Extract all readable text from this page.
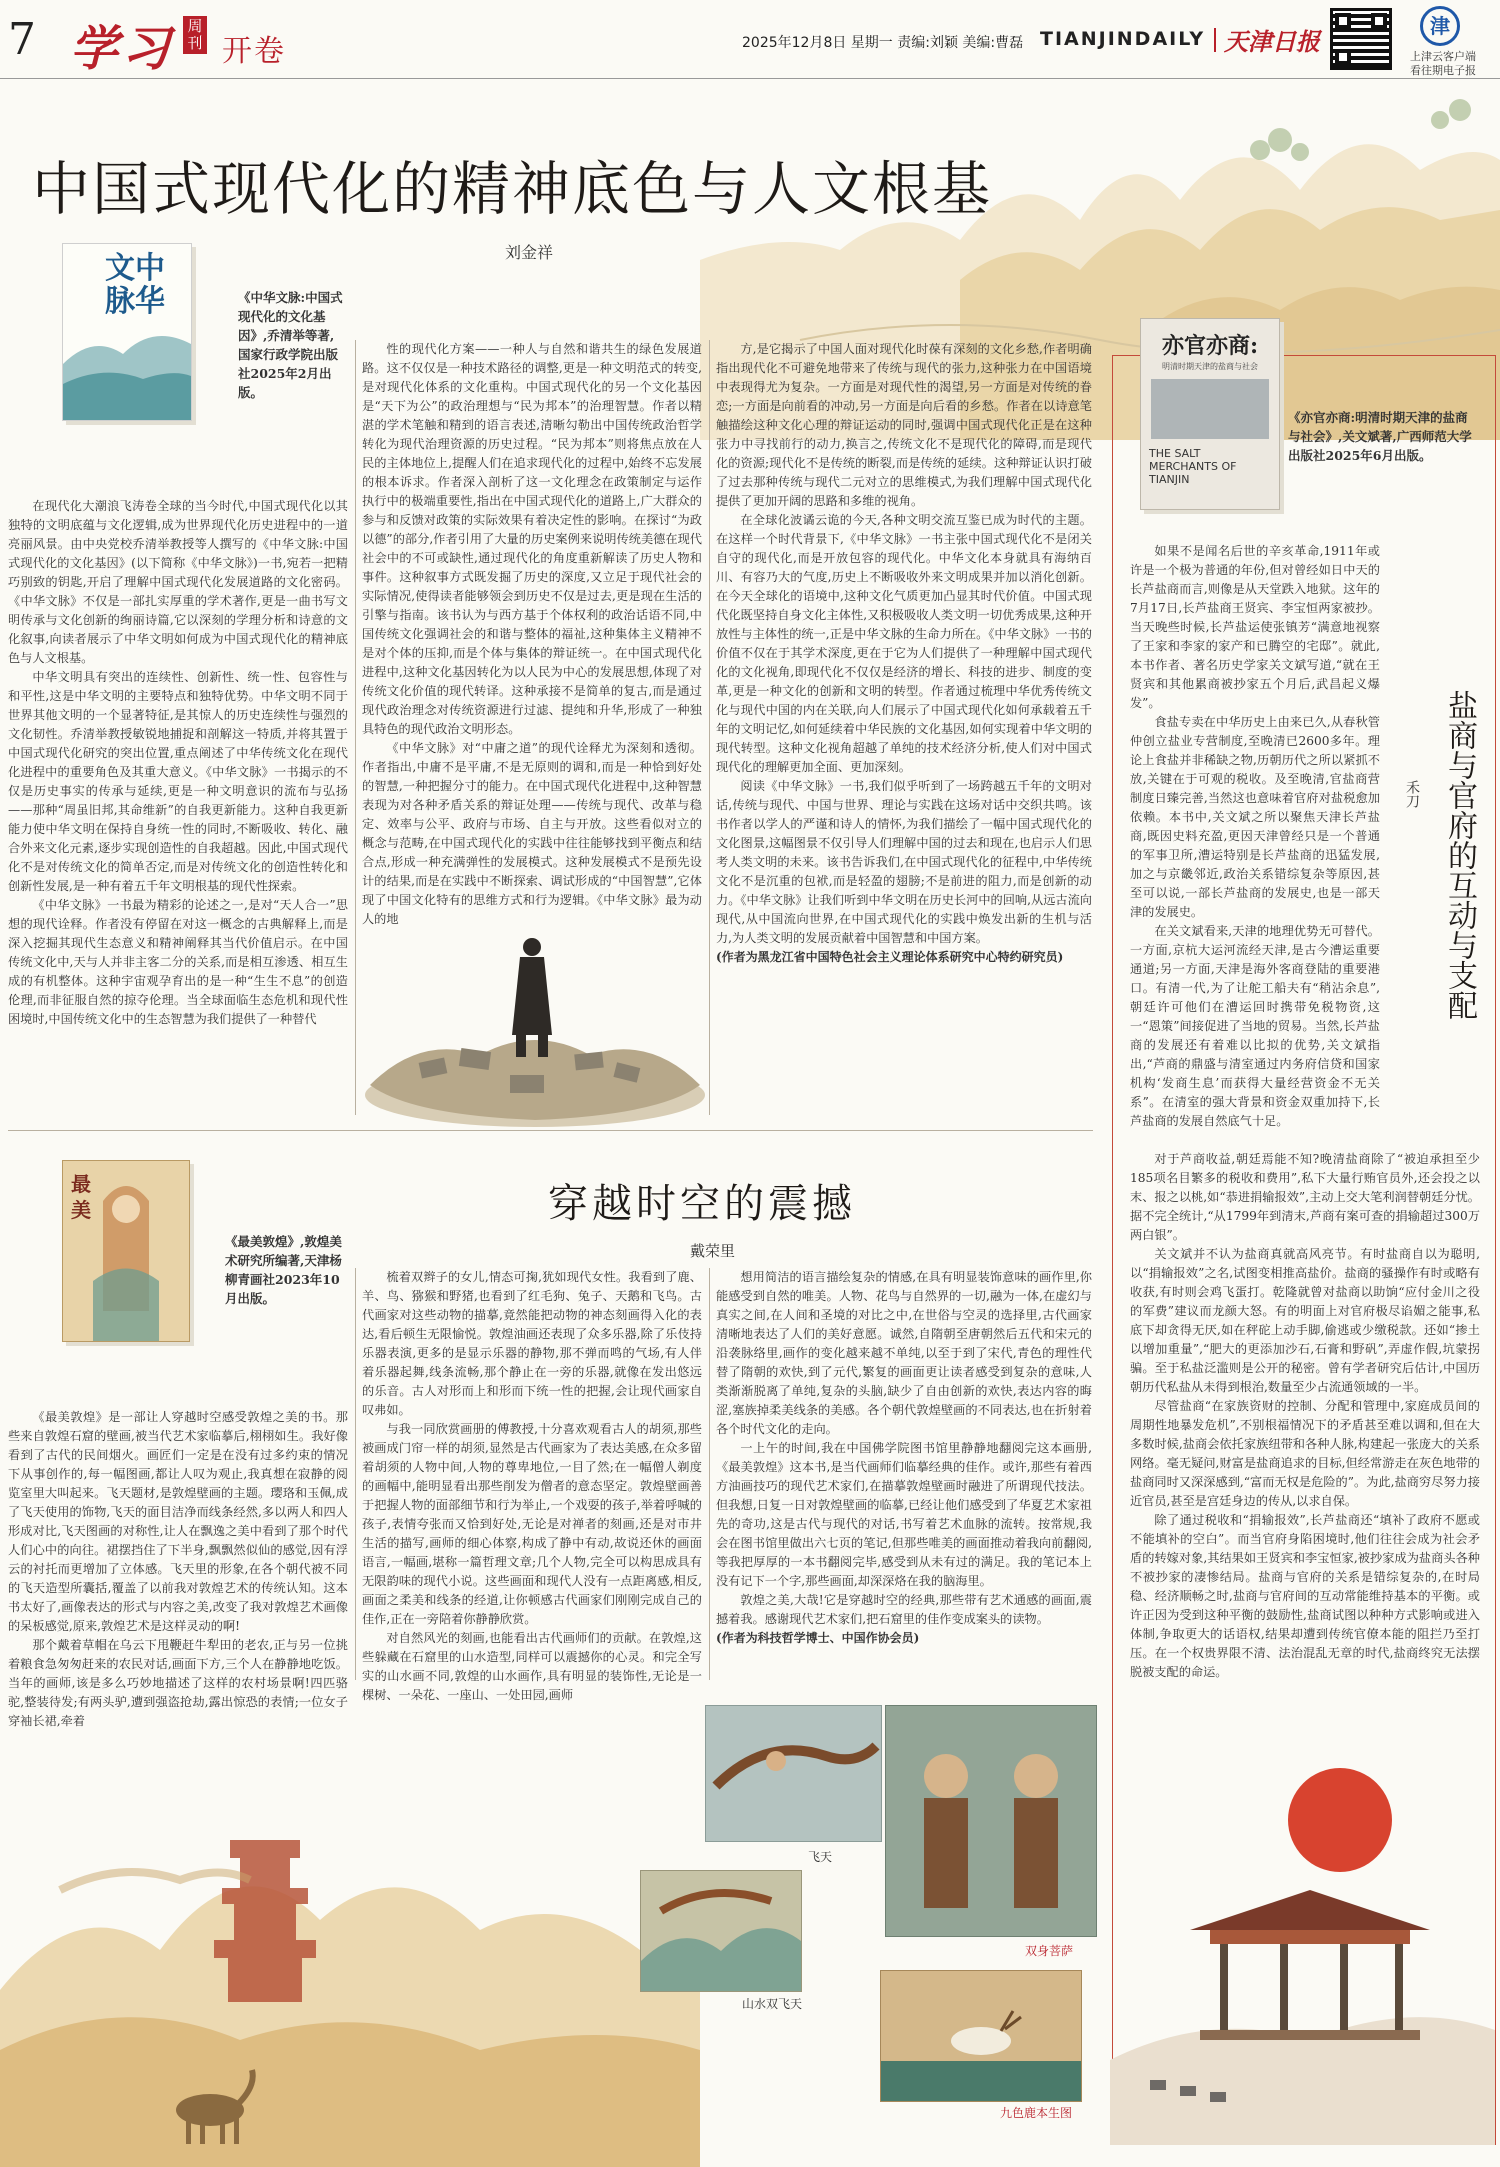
7 学习 周刊 开卷	2025年12月8日 星期一 责编:刘颖 美编:曹磊 TIANJINDAILY 天津日报
津
上津云客户端
看往期电子报
中国式现代化的精神底色与人文根基
刘金祥
文中脉华	《中华文脉:中国式现代化的文化基因》,乔清举等著,国家行政学院出版社2025年2月出版。

在现代化大潮浪飞涛卷全球的当今时代,中国式现代化以其独特的文明底蕴与文化逻辑,成为世界现代化历史进程中的一道亮丽风景。由中央党校乔清举教授等人撰写的《中华文脉:中国式现代化的文化基因》(以下简称《中华文脉》)一书,宛若一把精巧别致的钥匙,开启了理解中国式现代化发展道路的文化密码。《中华文脉》不仅是一部扎实厚重的学术著作,更是一曲书写文明传承与文化创新的绚丽诗篇,它以深刻的学理分析和诗意的文化叙事,向读者展示了中华文明如何成为中国式现代化的精神底色与人文根基。

中华文明具有突出的连续性、创新性、统一性、包容性与和平性,这是中华文明的主要特点和独特优势。中华文明不同于世界其他文明的一个显著特征,是其惊人的历史连续性与强烈的文化韧性。乔清举教授敏锐地捕捉和剖解这一特质,并将其置于中国式现代化研究的突出位置,重点阐述了中华传统文化在现代化进程中的重要角色及其重大意义。《中华文脉》一书揭示的不仅是历史事实的传承与延续,更是一种文明意识的流布与弘扬——那种“周虽旧邦,其命维新”的自我更新能力。这种自我更新能力使中华文明在保持自身统一性的同时,不断吸收、转化、融合外来文化元素,逐步实现创造性的自我超越。因此,中国式现代化不是对传统文化的简单否定,而是对传统文化的创造性转化和创新性发展,是一种有着五千年文明根基的现代性探索。

《中华文脉》一书最为精彩的论述之一,是对“天人合一”思想的现代诠释。作者没有停留在对这一概念的古典解释上,而是深入挖掘其现代生态意义和精神阐释其当代价值启示。在中国传统文化中,天与人并非主客二分的关系,而是相互渗透、相互生成的有机整体。这种宇宙观孕育出的是一种“生生不息”的创造伦理,而非征服自然的掠夺伦理。当全球面临生态危机和现代性困境时,中国传统文化中的生态智慧为我们提供了一种替代

性的现代化方案——一种人与自然和谐共生的绿色发展道路。这不仅仅是一种技术路径的调整,更是一种文明范式的转变,是对现代化体系的文化重构。中国式现代化的另一个文化基因是“天下为公”的政治理想与“民为邦本”的治理智慧。作者以精湛的学术笔触和精到的语言表述,清晰勾勒出中国传统政治哲学转化为现代治理资源的历史过程。“民为邦本”则将焦点放在人民的主体地位上,提醒人们在追求现代化的过程中,始终不忘发展的根本诉求。作者深入剖析了这一文化理念在政策制定与运作执行中的极端重要性,指出在中国式现代化的道路上,广大群众的参与和反馈对政策的实际效果有着决定性的影响。在探讨“为政以德”的部分,作者引用了大量的历史案例来说明传统美德在现代社会中的不可或缺性,通过现代化的角度重新解读了历史人物和事件。这种叙事方式既发掘了历史的深度,又立足于现代社会的实际情况,使得读者能够领会到历史不仅是过去,更是现在生活的引擎与指南。该书认为与西方基于个体权利的政治话语不同,中国传统文化强调社会的和谐与整体的福祉,这种集体主义精神不是对个体的压抑,而是个体与集体的辩证统一。在中国式现代化进程中,这种文化基因转化为以人民为中心的发展思想,体现了对传统文化价值的现代转译。这种承接不是简单的复古,而是通过现代政治理念对传统资源进行过滤、提纯和升华,形成了一种独具特色的现代政治文明形态。

《中华文脉》对“中庸之道”的现代诠释尤为深刻和透彻。作者指出,中庸不是平庸,不是无原则的调和,而是一种恰到好处的智慧,一种把握分寸的能力。在中国式现代化进程中,这种智慧表现为对各种矛盾关系的辩证处理——传统与现代、改革与稳定、效率与公平、政府与市场、自主与开放。这些看似对立的概念与范畴,在中国式现代化的实践中往往能够找到平衡点和结合点,形成一种充满弹性的发展模式。这种发展模式不是预先设计的结果,而是在实践中不断探索、调试形成的“中国智慧”,它体现了中国文化特有的思维方式和行为逻辑。《中华文脉》最为动人的地

方,是它揭示了中国人面对现代化时葆有深刻的文化乡愁,作者明确指出现代化不可避免地带来了传统与现代的张力,这种张力在中国语境中表现得尤为复杂。一方面是对现代性的渴望,另一方面是对传统的眷恋;一方面是向前看的冲动,另一方面是向后看的乡愁。作者在以诗意笔触描绘这种文化心理的辩证运动的同时,强调中国式现代化正是在这种张力中寻找前行的动力,换言之,传统文化不是现代化的障碍,而是现代化的资源;现代化不是传统的断裂,而是传统的延续。这种辩证认识打破了过去那种传统与现代二元对立的思维模式,为我们理解中国式现代化提供了更加开阔的思路和多维的视角。

在全球化波谲云诡的今天,各种文明交流互鉴已成为时代的主题。在这样一个时代背景下,《中华文脉》一书主张中国式现代化不是闭关自守的现代化,而是开放包容的现代化。中华文化本身就具有海纳百川、有容乃大的气度,历史上不断吸收外来文明成果并加以消化创新。在今天全球化的语境中,这种文化气质更加凸显其时代价值。中国式现代化既坚持自身文化主体性,又积极吸收人类文明一切优秀成果,这种开放性与主体性的统一,正是中华文脉的生命力所在。《中华文脉》一书的价值不仅在于其学术深度,更在于它为人们提供了一种理解中国式现代化的文化视角,即现代化不仅仅是经济的增长、科技的进步、制度的变革,更是一种文化的创新和文明的转型。作者通过梳理中华优秀传统文化与现代中国的内在关联,向人们展示了中国式现代化如何承载着五千年的文明记忆,如何延续着中华民族的文化基因,如何实现着中华文明的现代转型。这种文化视角超越了单纯的技术经济分析,使人们对中国式现代化的理解更加全面、更加深刻。

阅读《中华文脉》一书,我们似乎听到了一场跨越五千年的文明对话,传统与现代、中国与世界、理论与实践在这场对话中交织共鸣。该书作者以学人的严谨和诗人的情怀,为我们描绘了一幅中国式现代化的文化图景,这幅图景不仅引导人们理解中国的过去和现在,也启示人们思考人类文明的未来。该书告诉我们,在中国式现代化的征程中,中华传统文化不是沉重的包袱,而是轻盈的翅膀;不是前进的阻力,而是创新的动力。《中华文脉》让我们听到中华文明在历史长河中的回响,从远古流向现代,从中国流向世界,在中国式现代化的实践中焕发出新的生机与活力,为人类文明的发展贡献着中国智慧和中国方案。

(作者为黑龙江省中国特色社会主义理论体系研究中心特约研究员)

最
美
《最美敦煌》,敦煌美术研究所编著,天津杨柳青画社2023年10月出版。
穿越时空的震撼
戴荣里

《最美敦煌》是一部让人穿越时空感受敦煌之美的书。那些来自敦煌石窟的壁画,被当代艺术家临摹后,栩栩如生。我好像看到了古代的民间烟火。画匠们一定是在没有过多约束的情况下从事创作的,每一幅图画,都让人叹为观止,我真想在寂静的阅览室里大叫起来。飞天题材,是敦煌壁画的主题。璎珞和玉佩,成了飞天使用的饰物,飞天的面目洁净而线条经然,多以两人和四人形成对比,飞天图画的对称性,让人在飘逸之美中看到了那个时代人们心中的向往。裙摆挡住了下半身,飘飘然似仙的感觉,因有浮云的衬托而更增加了立体感。飞天里的形象,在各个朝代被不同的飞天造型所囊括,覆盖了以前我对敦煌艺术的传统认知。这本书太好了,画像表达的形式与内容之美,改变了我对敦煌艺术画像的呆板感觉,原来,敦煌艺术是这样灵动的啊!

那个戴着草帽在乌云下甩鞭赶牛犁田的老农,正与另一位挑着粮食急匆匆赶来的农民对话,画面下方,三个人在静静地吃饭。当年的画师,该是多么巧妙地描述了这样的农村场景啊!四匹骆驼,整装待发;有两头驴,遭到强盗抢劫,露出惊恐的表情;一位女子穿袖长裙,牵着

梳着双辫子的女儿,情态可掬,犹如现代女性。我看到了鹿、羊、鸟、猕猴和野猪,也看到了红毛狗、兔子、天鹅和飞鸟。古代画家对这些动物的描摹,竟然能把动物的神态刻画得入化的表达,看后顿生无限愉悦。敦煌油画还表现了众多乐器,除了乐伎持乐器表演,更多的是显示乐器的静物,那不弹而鸣的气场,有人伴着乐器起舞,线条流畅,那个静止在一旁的乐器,就像在发出悠远的乐音。古人对形而上和形而下统一性的把握,会让现代画家自叹弗如。

与我一同欣赏画册的傅教授,十分喜欢观看古人的胡须,那些被画成门帘一样的胡须,显然是古代画家为了表达美感,在众多留着胡须的人物中间,人物的尊卑地位,一目了然;在一幅僧人剃度的画幅中,能明显看出那些削发为僧者的意态坚定。敦煌壁画善于把握人物的面部细节和行为举止,一个戏耍的孩子,举着呼喊的孩子,表情夸张而又恰到好处,无论是对禅者的刻画,还是对市井生活的描写,画师的细心体察,构成了静中有动,故说还休的画面语言,一幅画,堪称一篇哲理文章;几个人物,完全可以构思成具有无限韵味的现代小说。这些画面和现代人没有一点距离感,相反,画面之柔美和线条的经道,让你顿感古代画家们刚刚完成自己的佳作,正在一旁陪着你静静欣赏。

对自然风光的刻画,也能看出古代画师们的贡献。在敦煌,这些躲藏在石窟里的山水造型,同样可以震撼你的心灵。和完全写实的山水画不同,敦煌的山水画作,具有明显的装饰性,无论是一棵树、一朵花、一座山、一处田园,画师

想用简洁的语言描绘复杂的情感,在具有明显装饰意味的画作里,你能感受到自然的唯美。人物、花鸟与自然界的一切,融为一体,在虚幻与真实之间,在人间和圣境的对比之中,在世俗与空灵的选择里,古代画家清晰地表达了人们的美好意愿。诚然,自隋朝至唐朝然后五代和宋元的沿袭脉络里,画作的变化越来越不单纯,以至于到了宋代,青色的理性代替了隋朝的欢快,到了元代,繁复的画面更让读者感受到复杂的意味,人类渐渐脱离了单纯,复杂的头脑,缺少了自由创新的欢快,表达内容的晦涩,塞族掉柔美线条的美感。各个朝代敦煌壁画的不同表达,也在折射着各个时代文化的走向。

一上午的时间,我在中国佛学院图书馆里静静地翻阅完这本画册,《最美敦煌》这本书,是当代画师们临摹经典的佳作。或许,那些有着西方油画技巧的现代艺术家们,在描摹敦煌壁画时融进了所谓现代技法。但我想,日复一日对敦煌壁画的临摹,已经让他们感受到了华夏艺术家祖先的奇功,这是古代与现代的对话,书写着艺术血脉的流转。按常规,我会在图书馆里做出六七页的笔记,但那些唯美的画面推动着我向前翻阅,等我把厚厚的一本书翻阅完毕,感受到从未有过的满足。我的笔记本上没有记下一个字,那些画面,却深深烙在我的脑海里。

敦煌之美,大哉!它是穿越时空的经典,那些带有艺术通感的画面,震撼着我。感谢现代艺术家们,把石窟里的佳作变成案头的读物。

(作者为科技哲学博士、中国作协会员)

飞天
双身菩萨
山水双飞天
九色鹿本生图
亦官亦商:
明清时期天津的盐商与社会
THE SALT MERCHANTS OF TIANJIN
《亦官亦商:明清时期天津的盐商与社会》,关文斌著,广西师范大学出版社2025年6月出版。
盐商与官府的互动与支配
禾刀

如果不是闻名后世的辛亥革命,1911年或许是一个极为普通的年份,但对曾经如日中天的长芦盐商而言,则像是从天堂跌入地狱。这年的7月17日,长芦盐商王贤宾、李宝恒两家被抄。当天晚些时候,长芦盐运使张镇芳“满意地视察了王家和李家的家产和已腾空的宅邸”。就此,本书作者、著名历史学家关文斌写道,“就在王贤宾和其他累商被抄家五个月后,武昌起义爆发”。

食盐专卖在中华历史上由来已久,从春秋管仲创立盐业专营制度,至晚清已2600多年。理论上食盐并非稀缺之物,历朝历代之所以紧抓不放,关键在于可观的税收。及至晚清,官盐商营制度日臻完善,当然这也意味着官府对盐税愈加依赖。本书中,关文斌之所以聚焦天津长芦盐商,既因史料充盈,更因天津曾经只是一个普通的军事卫所,漕运特别是长芦盐商的迅猛发展,加之与京畿邻近,政治关系错综复杂等原因,甚至可以说,一部长芦盐商的发展史,也是一部天津的发展史。

在关文斌看来,天津的地理优势无可替代。一方面,京杭大运河流经天津,是古今漕运重要通道;另一方面,天津是海外客商登陆的重要港口。有清一代,为了让舵工船夫有“稍沾余息”,朝廷许可他们在漕运回时携带免税物资,这一“恩策”间接促进了当地的贸易。当然,长芦盐商的发展还有着难以比拟的优势,关文斌指出,“芦商的鼎盛与清室通过内务府信贷和国家机构‘发商生息’而获得大量经营资金不无关系”。在清室的强大背景和资金双重加持下,长芦盐商的发展自然底气十足。

对于芦商收益,朝廷焉能不知?晚清盐商除了“被迫承担至少185项名目繁多的税收和费用”,私下大量行贿官员外,还会投之以末、报之以桃,如“恭进捐输报效”,主动上交大笔利润替朝廷分忧。据不完全统计,“从1799年到清末,芦商有案可查的捐输超过300万两白银”。

关文斌并不认为盐商真就高风亮节。有时盐商自以为聪明,以“捐输报效”之名,试图变相推高盐价。盐商的骚操作有时或略有收获,有时则会鸡飞蛋打。乾隆就曾对盐商以助饷“应付金川之役的军费”建议而龙颜大怒。有的明面上对官府极尽谄媚之能事,私底下却贪得无厌,如在秤砣上动手脚,偷逃或少缴税款。还如“掺土以增加重量”,“肥大的更添加沙石,石膏和野矾”,弄虚作假,坑蒙拐骗。至于私盐泛滥则是公开的秘密。曾有学者研究后估计,中国历朝历代私盐从未得到根治,数量至少占流通领域的一半。

尽管盐商“在家族资财的控制、分配和管理中,家庭成员间的周期性地暴发危机”,不别根福情况下的矛盾甚至难以调和,但在大多数时候,盐商会依托家族纽带和各种人脉,构建起一张庞大的关系网络。毫无疑问,财富是盐商追求的目标,但经常游走在灰色地带的盐商同时又深深感到,“富而无权是危险的”。为此,盐商穷尽努力接近官员,甚至是宫廷身边的传从,以求自保。

除了通过税收和“捐输报效”,长芦盐商还“填补了政府不愿或不能填补的空白”。而当官府身陷困境时,他们往往会成为社会矛盾的转嫁对象,其结果如王贤宾和李宝恒家,被抄家成为盐商头各种不被抄家的凄惨结局。盐商与官府的关系是错综复杂的,在时局稳、经济顺畅之时,盐商与官府间的互动常能维持基本的平衡。或许正因为受到这种平衡的鼓励性,盐商试图以种种方式影响或进入体制,争取更大的话语权,结果却遭到传统官僚本能的阻拦乃至打压。在一个权贵界限不清、法治混乱无章的时代,盐商终究无法摆脱被支配的命运。
